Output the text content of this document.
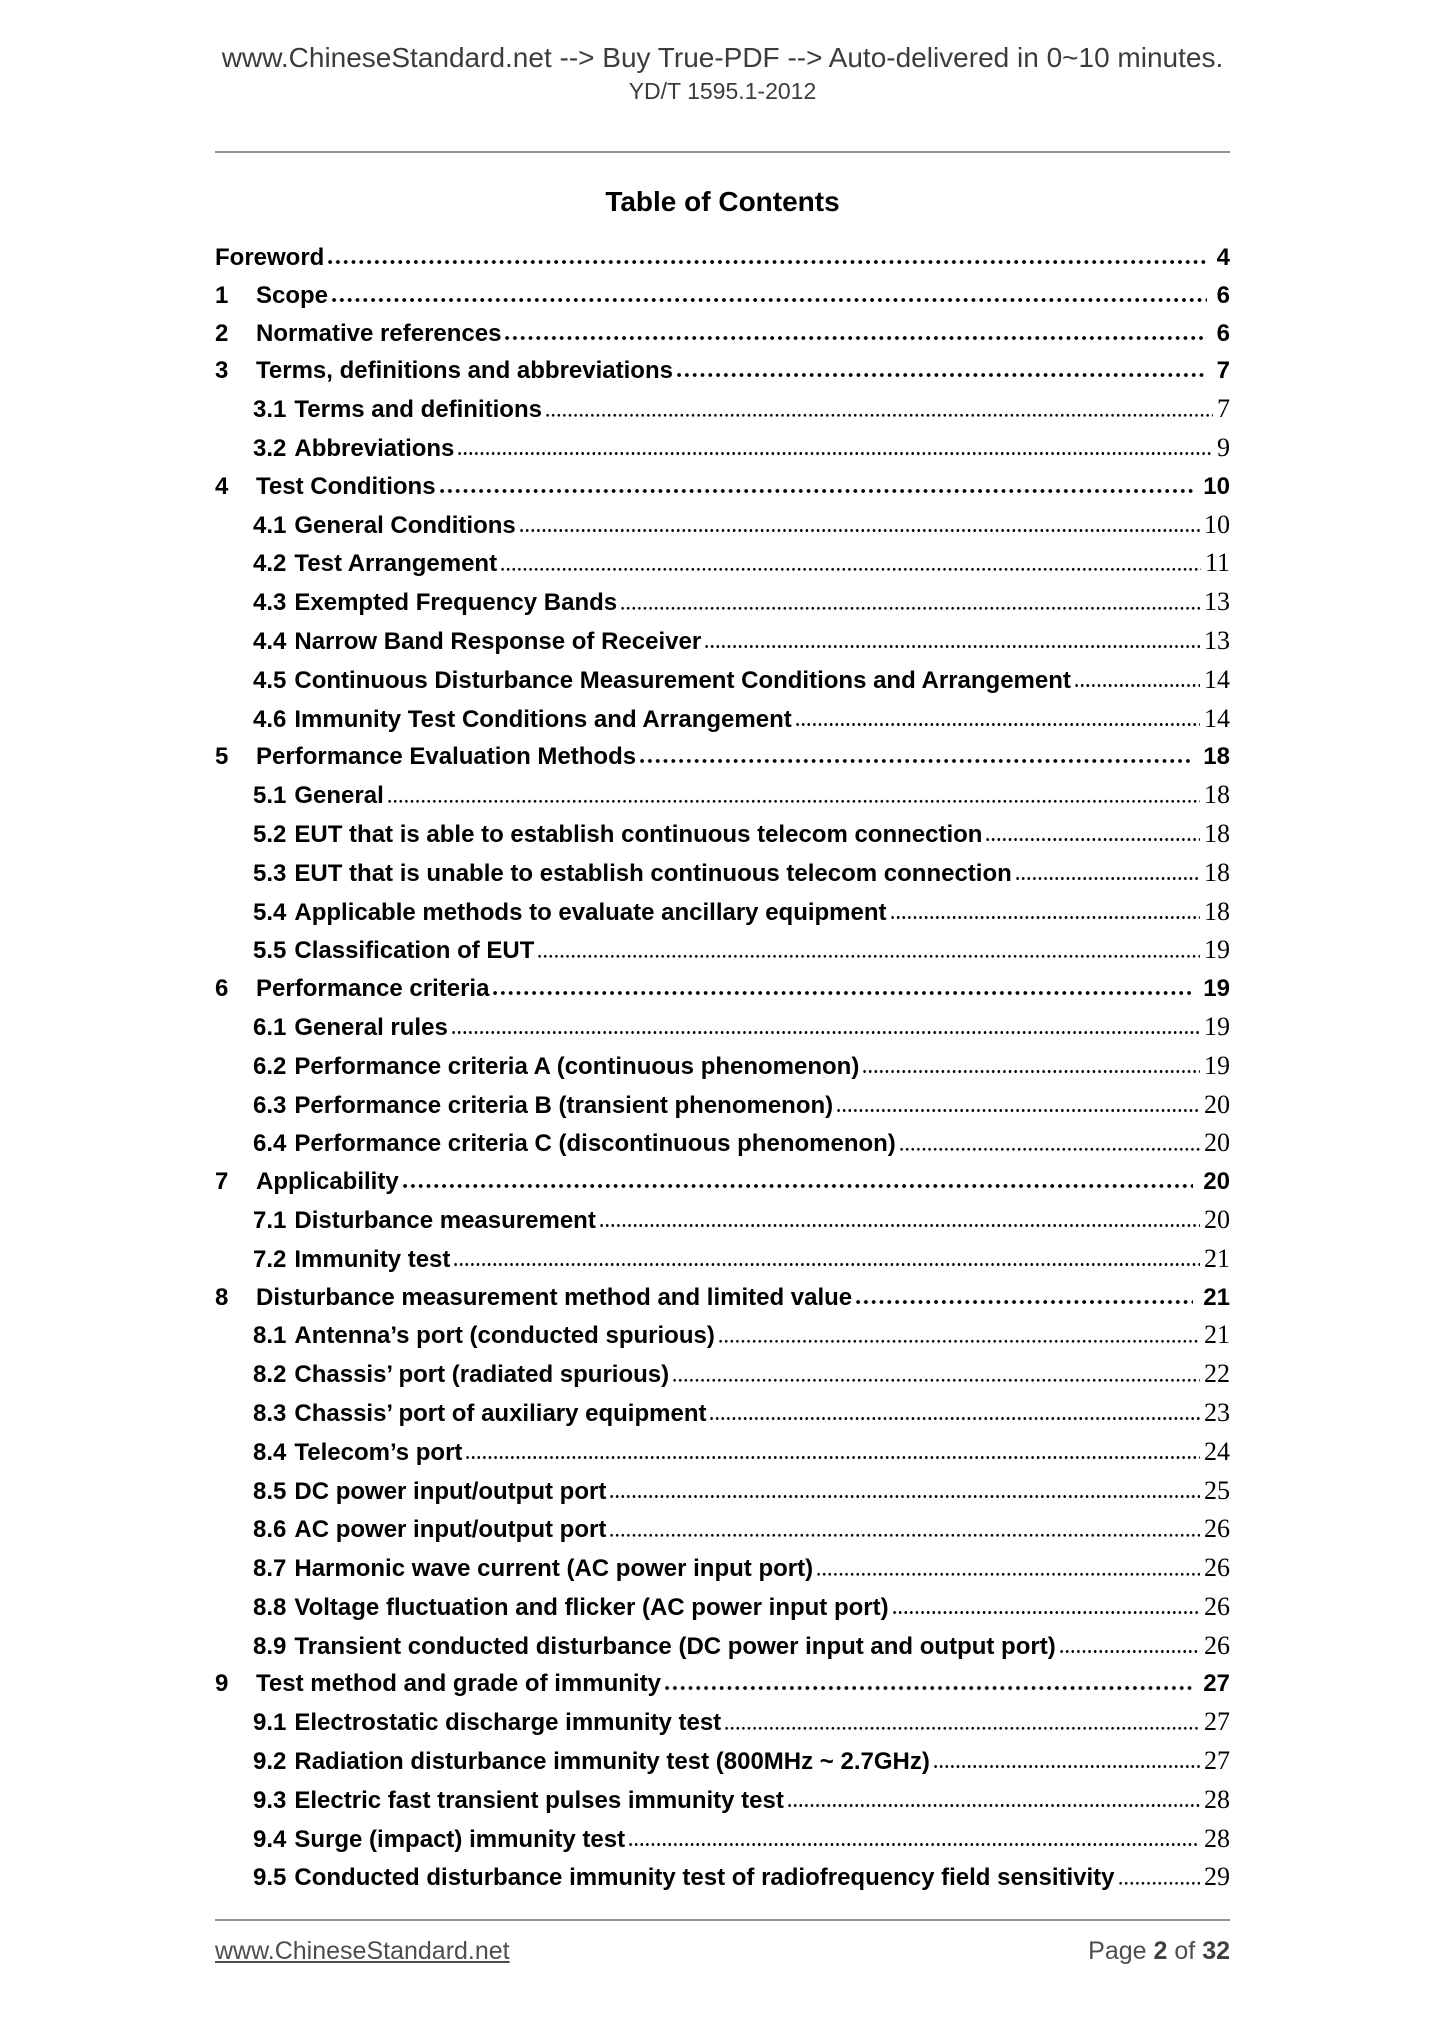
www.ChineseStandard.net --> Buy True-PDF --> Auto-delivered in 0~10 minutes.
YD/T 1595.1-2012
Table of Contents
Foreword	4
1	Scope	6
2	Normative references	6
3	Terms, definitions and abbreviations	7
3.1 Terms and definitions	7
3.2 Abbreviations	9
4	Test Conditions	10
4.1 General Conditions	10
4.2 Test Arrangement	11
4.3 Exempted Frequency Bands	13
4.4 Narrow Band Response of Receiver	13
4.5 Continuous Disturbance Measurement Conditions and Arrangement	14
4.6 Immunity Test Conditions and Arrangement	14
5	Performance Evaluation Methods	18
5.1 General	18
5.2 EUT that is able to establish continuous telecom connection	18
5.3 EUT that is unable to establish continuous telecom connection	18
5.4 Applicable methods to evaluate ancillary equipment	18
5.5 Classification of EUT	19
6	Performance criteria	19
6.1 General rules	19
6.2 Performance criteria A (continuous phenomenon)	19
6.3 Performance criteria B (transient phenomenon)	20
6.4 Performance criteria C (discontinuous phenomenon)	20
7	Applicability	20
7.1 Disturbance measurement	20
7.2 Immunity test	21
8	Disturbance measurement method and limited value	21
8.1 Antenna’s port (conducted spurious)	21
8.2 Chassis’ port (radiated spurious)	22
8.3 Chassis’ port of auxiliary equipment	23
8.4 Telecom’s port	24
8.5 DC power input/output port	25
8.6 AC power input/output port	26
8.7 Harmonic wave current (AC power input port)	26
8.8 Voltage fluctuation and flicker (AC power input port)	26
8.9 Transient conducted disturbance (DC power input and output port)	26
9	Test method and grade of immunity	27
9.1 Electrostatic discharge immunity test	27
9.2 Radiation disturbance immunity test (800MHz ~ 2.7GHz)	27
9.3 Electric fast transient pulses immunity test	28
9.4 Surge (impact) immunity test	28
9.5 Conducted disturbance immunity test of radiofrequency field sensitivity	29
www.ChineseStandard.net	Page 2 of 32
